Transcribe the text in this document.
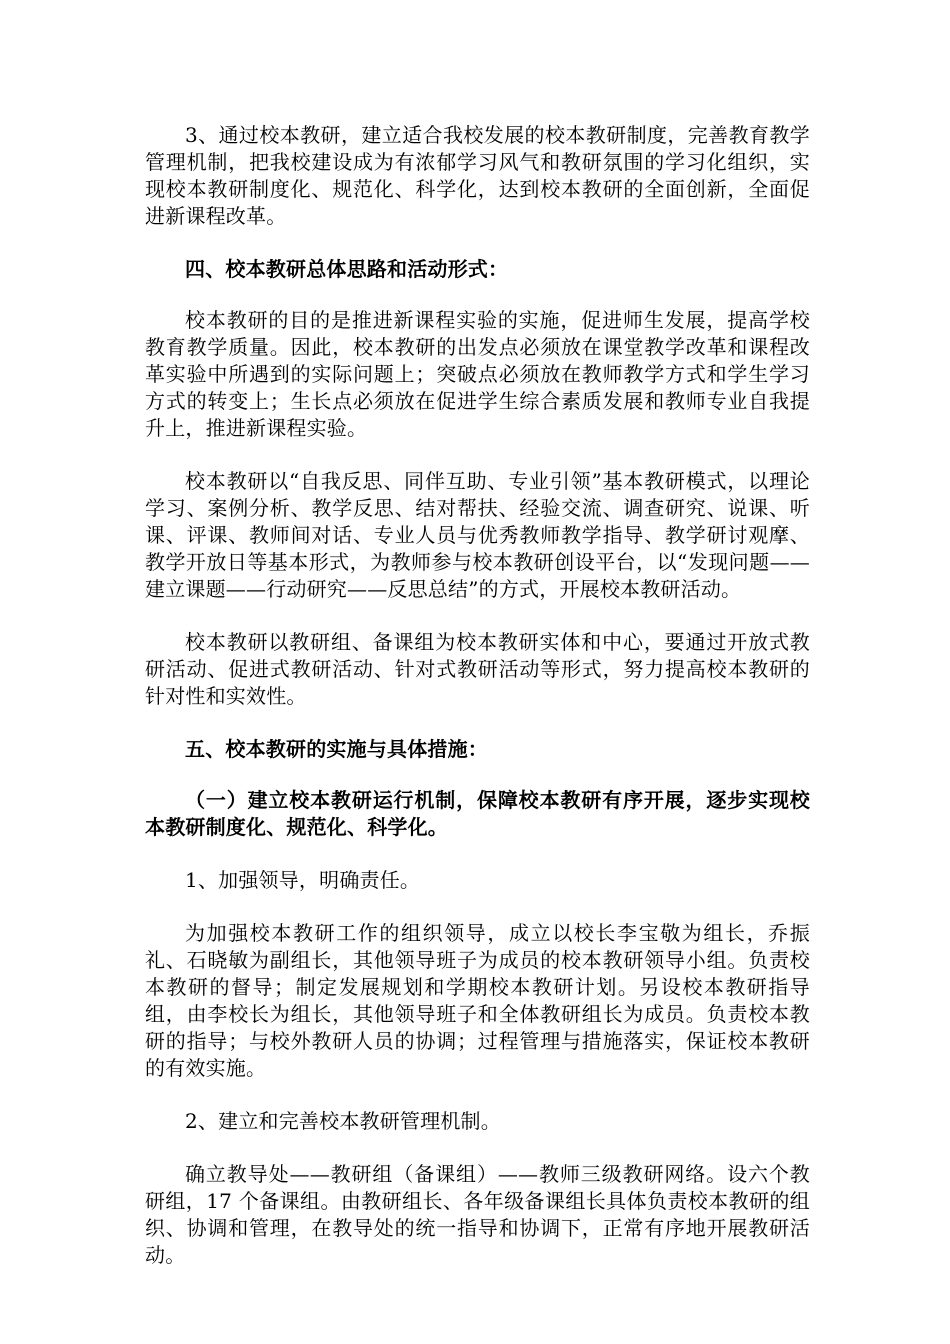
3、通过校本教研，建立适合我校发展的校本教研制度，完善教育教学管理机制，把我校建设成为有浓郁学习风气和教研氛围的学习化组织，实现校本教研制度化、规范化、科学化，达到校本教研的全面创新，全面促进新课程改革。

四、校本教研总体思路和活动形式：

校本教研的目的是推进新课程实验的实施，促进师生发展，提高学校教育教学质量。因此，校本教研的出发点必须放在课堂教学改革和课程改革实验中所遇到的实际问题上；突破点必须放在教师教学方式和学生学习方式的转变上；生长点必须放在促进学生综合素质发展和教师专业自我提升上，推进新课程实验。

校本教研以“自我反思、同伴互助、专业引领”基本教研模式，以理论学习、案例分析、教学反思、结对帮扶、经验交流、调查研究、说课、听课、评课、教师间对话、专业人员与优秀教师教学指导、教学研讨观摩、教学开放日等基本形式，为教师参与校本教研创设平台，以“发现问题——建立课题——行动研究——反思总结”的方式，开展校本教研活动。

校本教研以教研组、备课组为校本教研实体和中心，要通过开放式教研活动、促进式教研活动、针对式教研活动等形式，努力提高校本教研的针对性和实效性。

五、校本教研的实施与具体措施：

（一）建立校本教研运行机制，保障校本教研有序开展，逐步实现校本教研制度化、规范化、科学化。

1、加强领导，明确责任。

为加强校本教研工作的组织领导，成立以校长李宝敬为组长，乔振礼、石晓敏为副组长，其他领导班子为成员的校本教研领导小组。负责校本教研的督导；制定发展规划和学期校本教研计划。另设校本教研指导组，由李校长为组长，其他领导班子和全体教研组长为成员。负责校本教研的指导；与校外教研人员的协调；过程管理与措施落实，保证校本教研的有效实施。

2、建立和完善校本教研管理机制。

确立教导处——教研组（备课组）——教师三级教研网络。设六个教研组，17 个备课组。由教研组长、各年级备课组长具体负责校本教研的组织、协调和管理，在教导处的统一指导和协调下，正常有序地开展教研活动。
